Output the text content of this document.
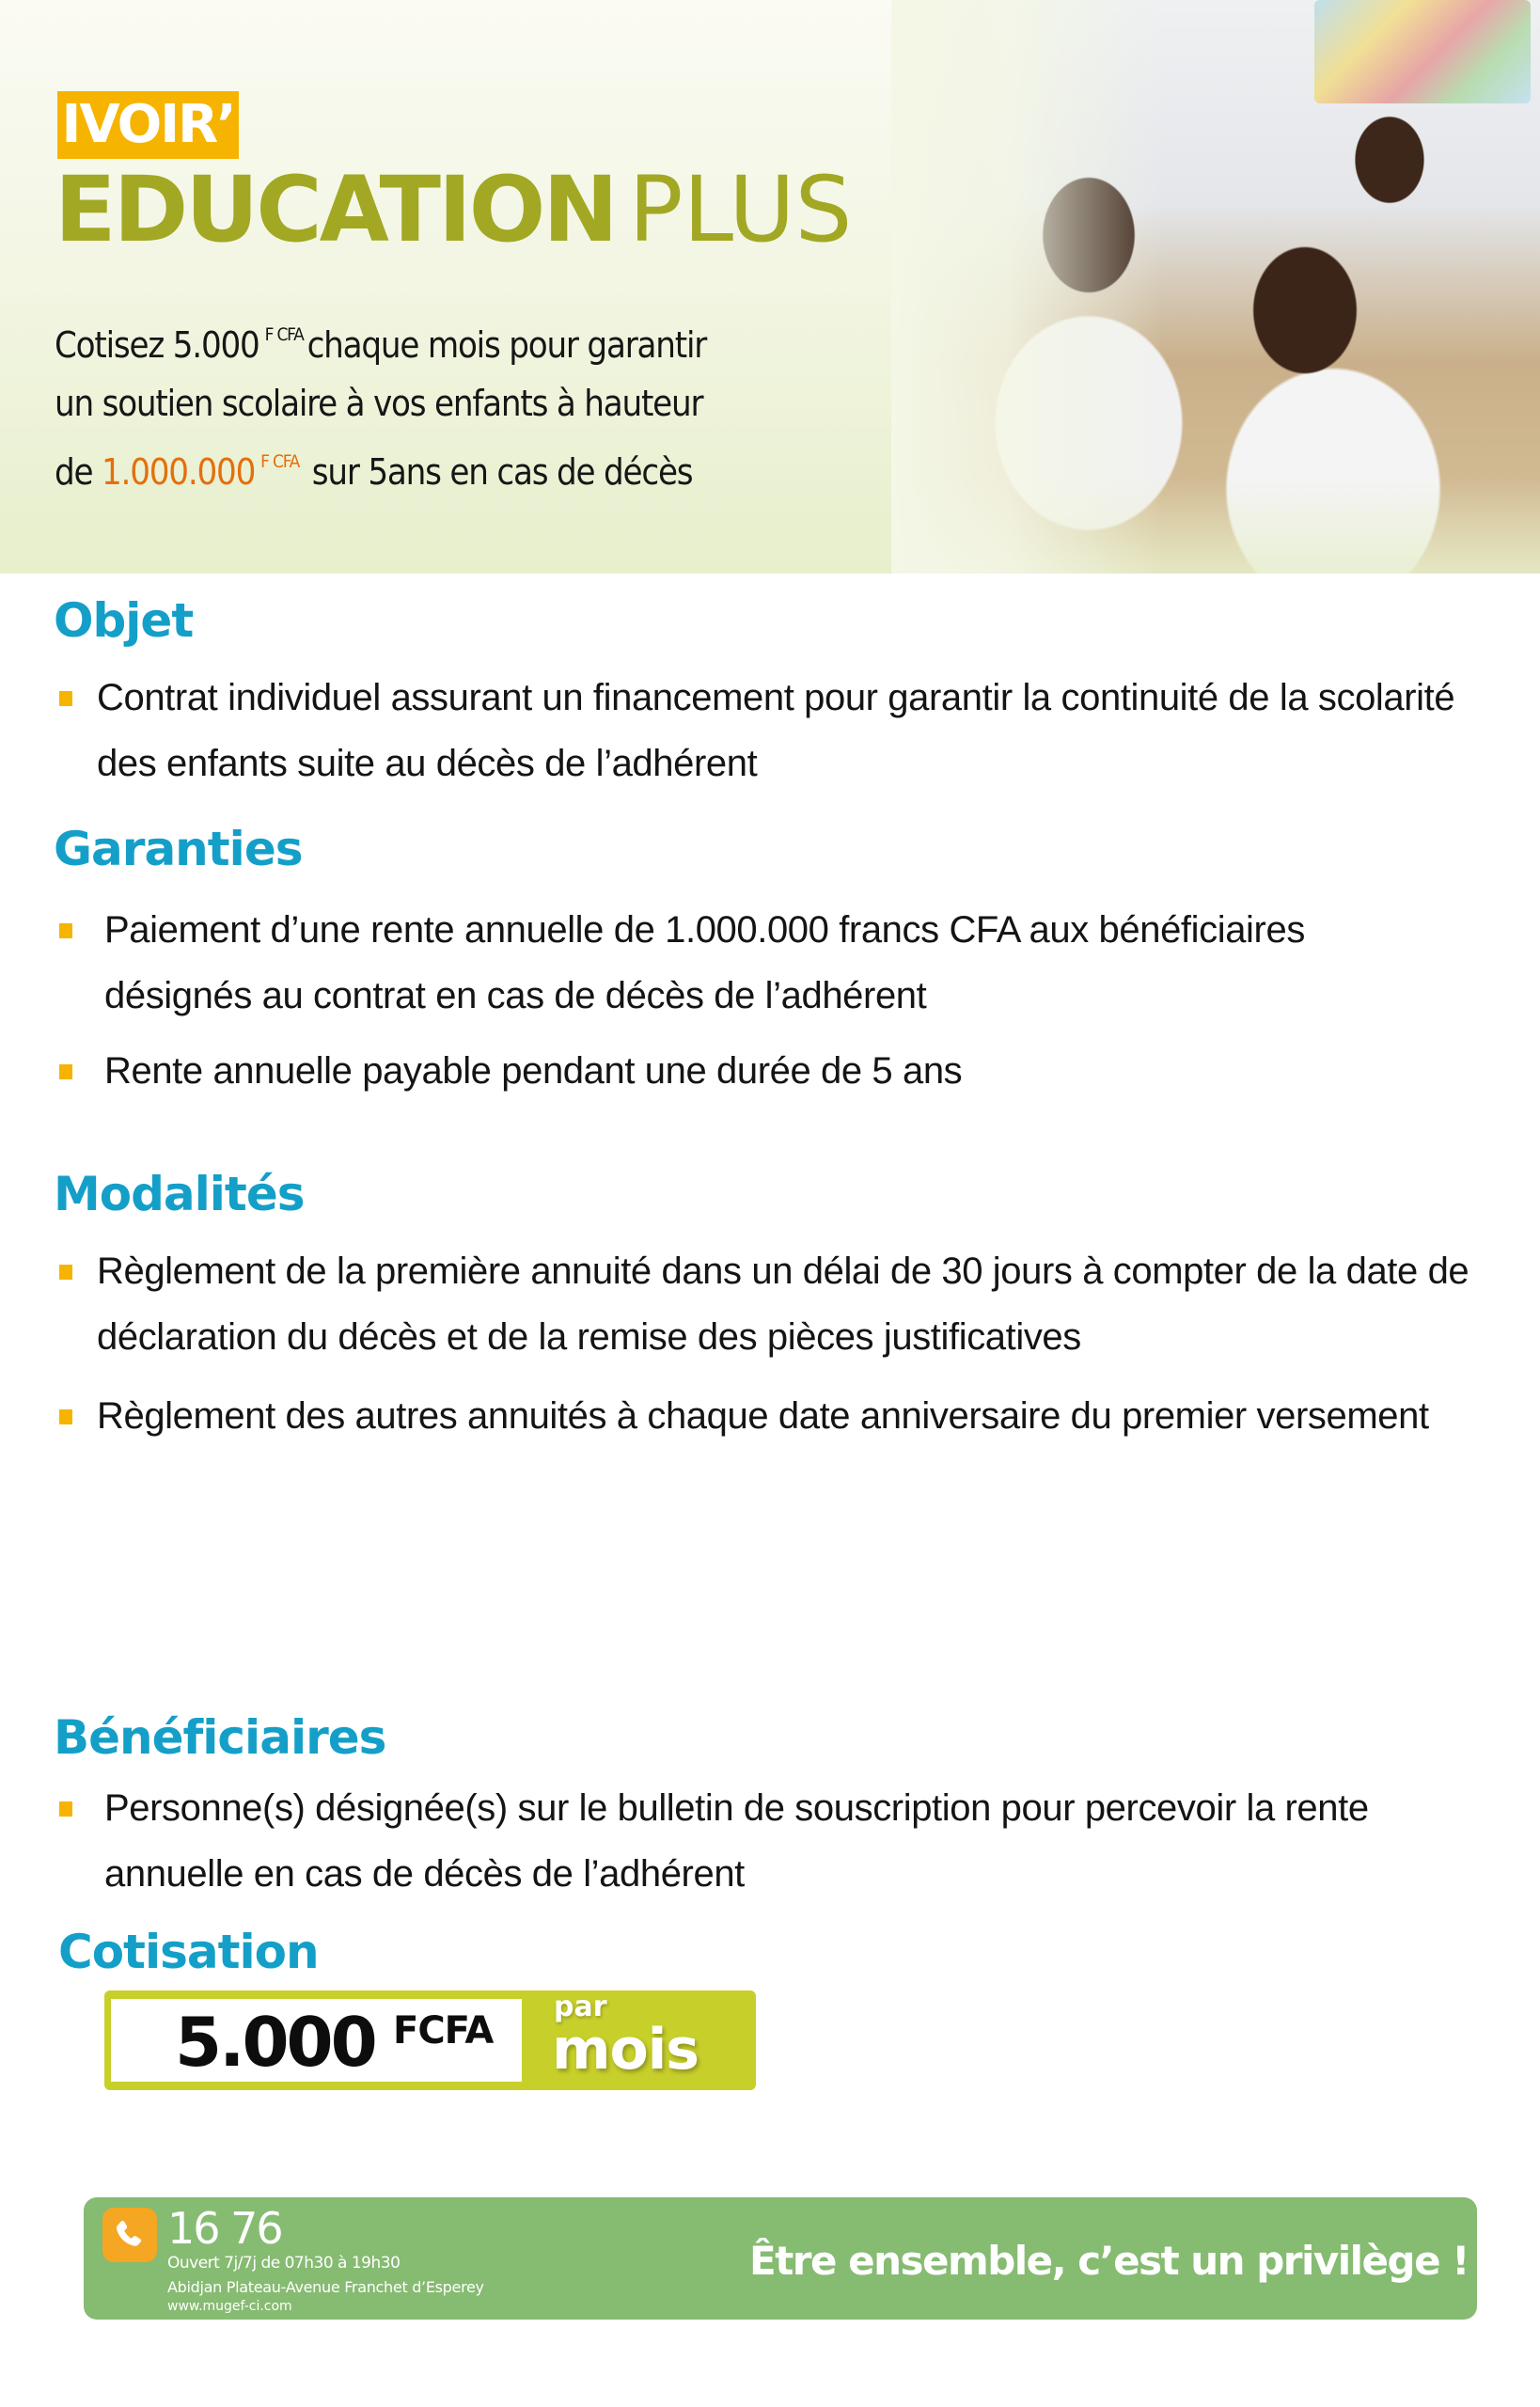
IVOIR’
EDUCATION PLUS

Cotisez 5.000 $^{F CFA}$ chaque mois pour garantir
un soutien scolaire à vos enfants à hauteur
de 1.000.000 $^{F CFA}$ sur 5ans en cas de décès

Objet
Contrat individuel assurant un financement pour garantir la continuité de la scolarité des enfants suite au décès de l’adhérent
Garanties
Paiement d’une rente annuelle de 1.000.000 francs CFA aux bénéficiaires désignés au contrat en cas de décès de l’adhérent
Rente annuelle payable pendant une durée de 5 ans
Modalités
Règlement de la première annuité dans un délai de 30 jours à compter de la date de déclaration du décès et de la remise des pièces justificatives
Règlement des autres annuités à chaque date anniversaire du premier versement
Bénéficiaires
Personne(s) désignée(s) sur le bulletin de souscription pour percevoir la rente annuelle en cas de décès de l’adhérent
Cotisation
5.000 FCFA
par
mois
16 76
Ouvert 7j/7j de 07h30 à 19h30
Abidjan Plateau-Avenue Franchet d’Esperey
www.mugef-ci.com
Être ensemble, c’est un privilège !
